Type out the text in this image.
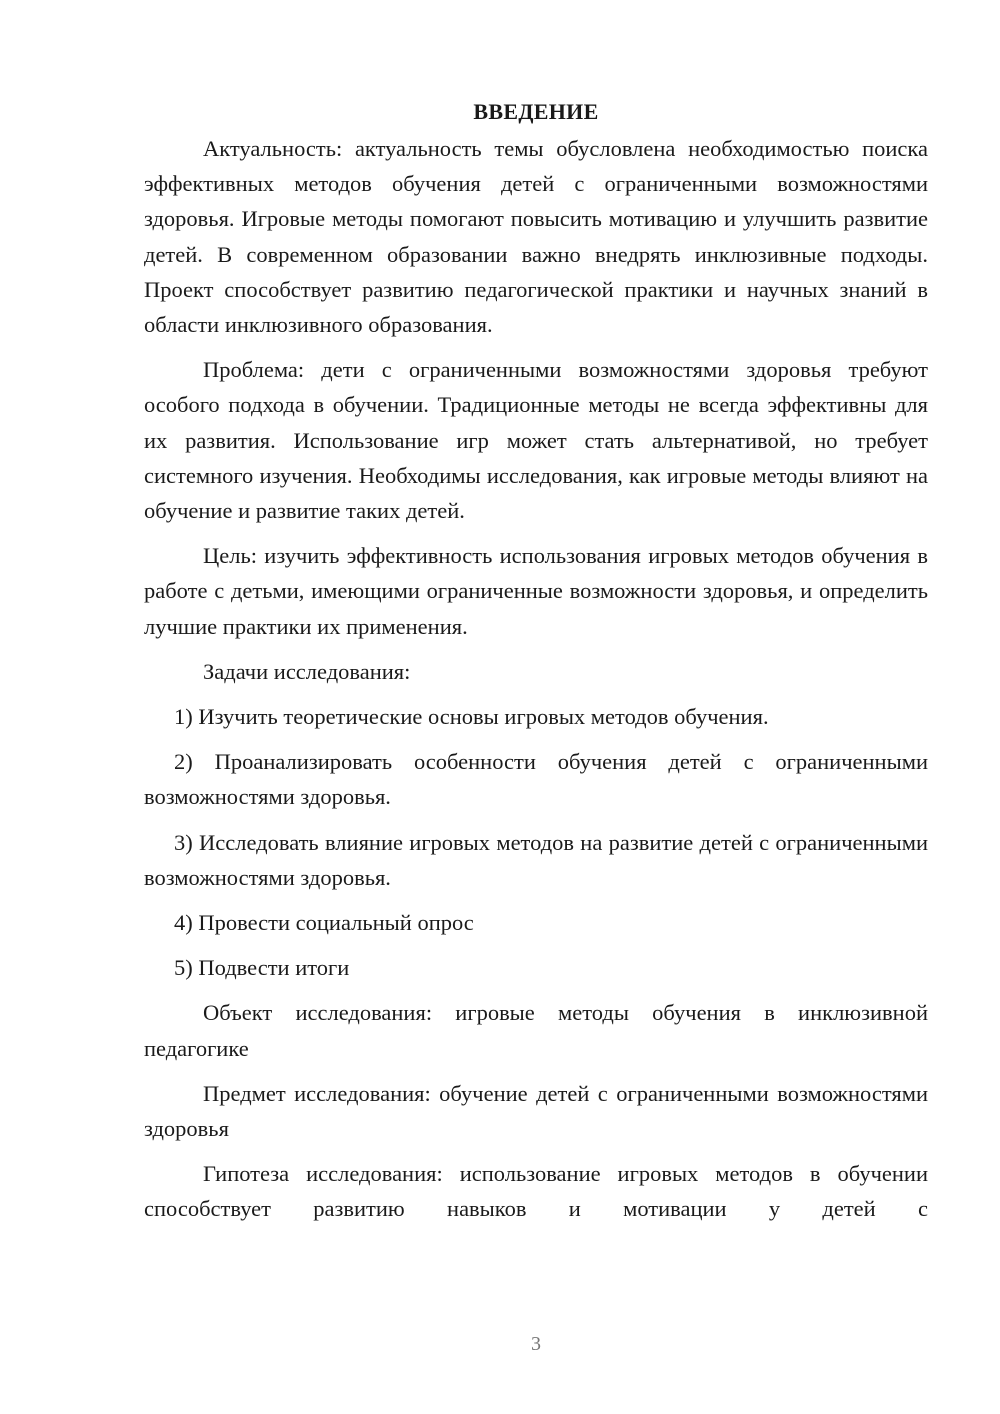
ВВЕДЕНИЕ

Актуальность: актуальность темы обусловлена необходимостью поиска эффективных методов обучения детей с ограниченными возможностями здоровья. Игровые методы помогают повысить мотивацию и улучшить развитие детей. В современном образовании важно внедрять инклюзивные подходы. Проект способствует развитию педагогической практики и научных знаний в области инклюзивного образования.

Проблема: дети с ограниченными возможностями здоровья требуют особого подхода в обучении. Традиционные методы не всегда эффективны для их развития. Использование игр может стать альтернативой, но требует системного изучения. Необходимы исследования, как игровые методы влияют на обучение и развитие таких детей.

Цель: изучить эффективность использования игровых методов обучения в работе с детьми, имеющими ограниченные возможности здоровья, и определить лучшие практики их применения.

Задачи исследования:

1) Изучить теоретические основы игровых методов обучения.

2) Проанализировать особенности обучения детей с ограниченными возможностями здоровья.

3) Исследовать влияние игровых методов на развитие детей с ограниченными возможностями здоровья.

4) Провести социальный опрос

5) Подвести итоги

Объект исследования: игровые методы обучения в инклюзивной педагогике

Предмет исследования: обучение детей с ограниченными возможностями здоровья

Гипотеза исследования: использование игровых методов в обучении способствует развитию навыков и мотивации у детей с

3
